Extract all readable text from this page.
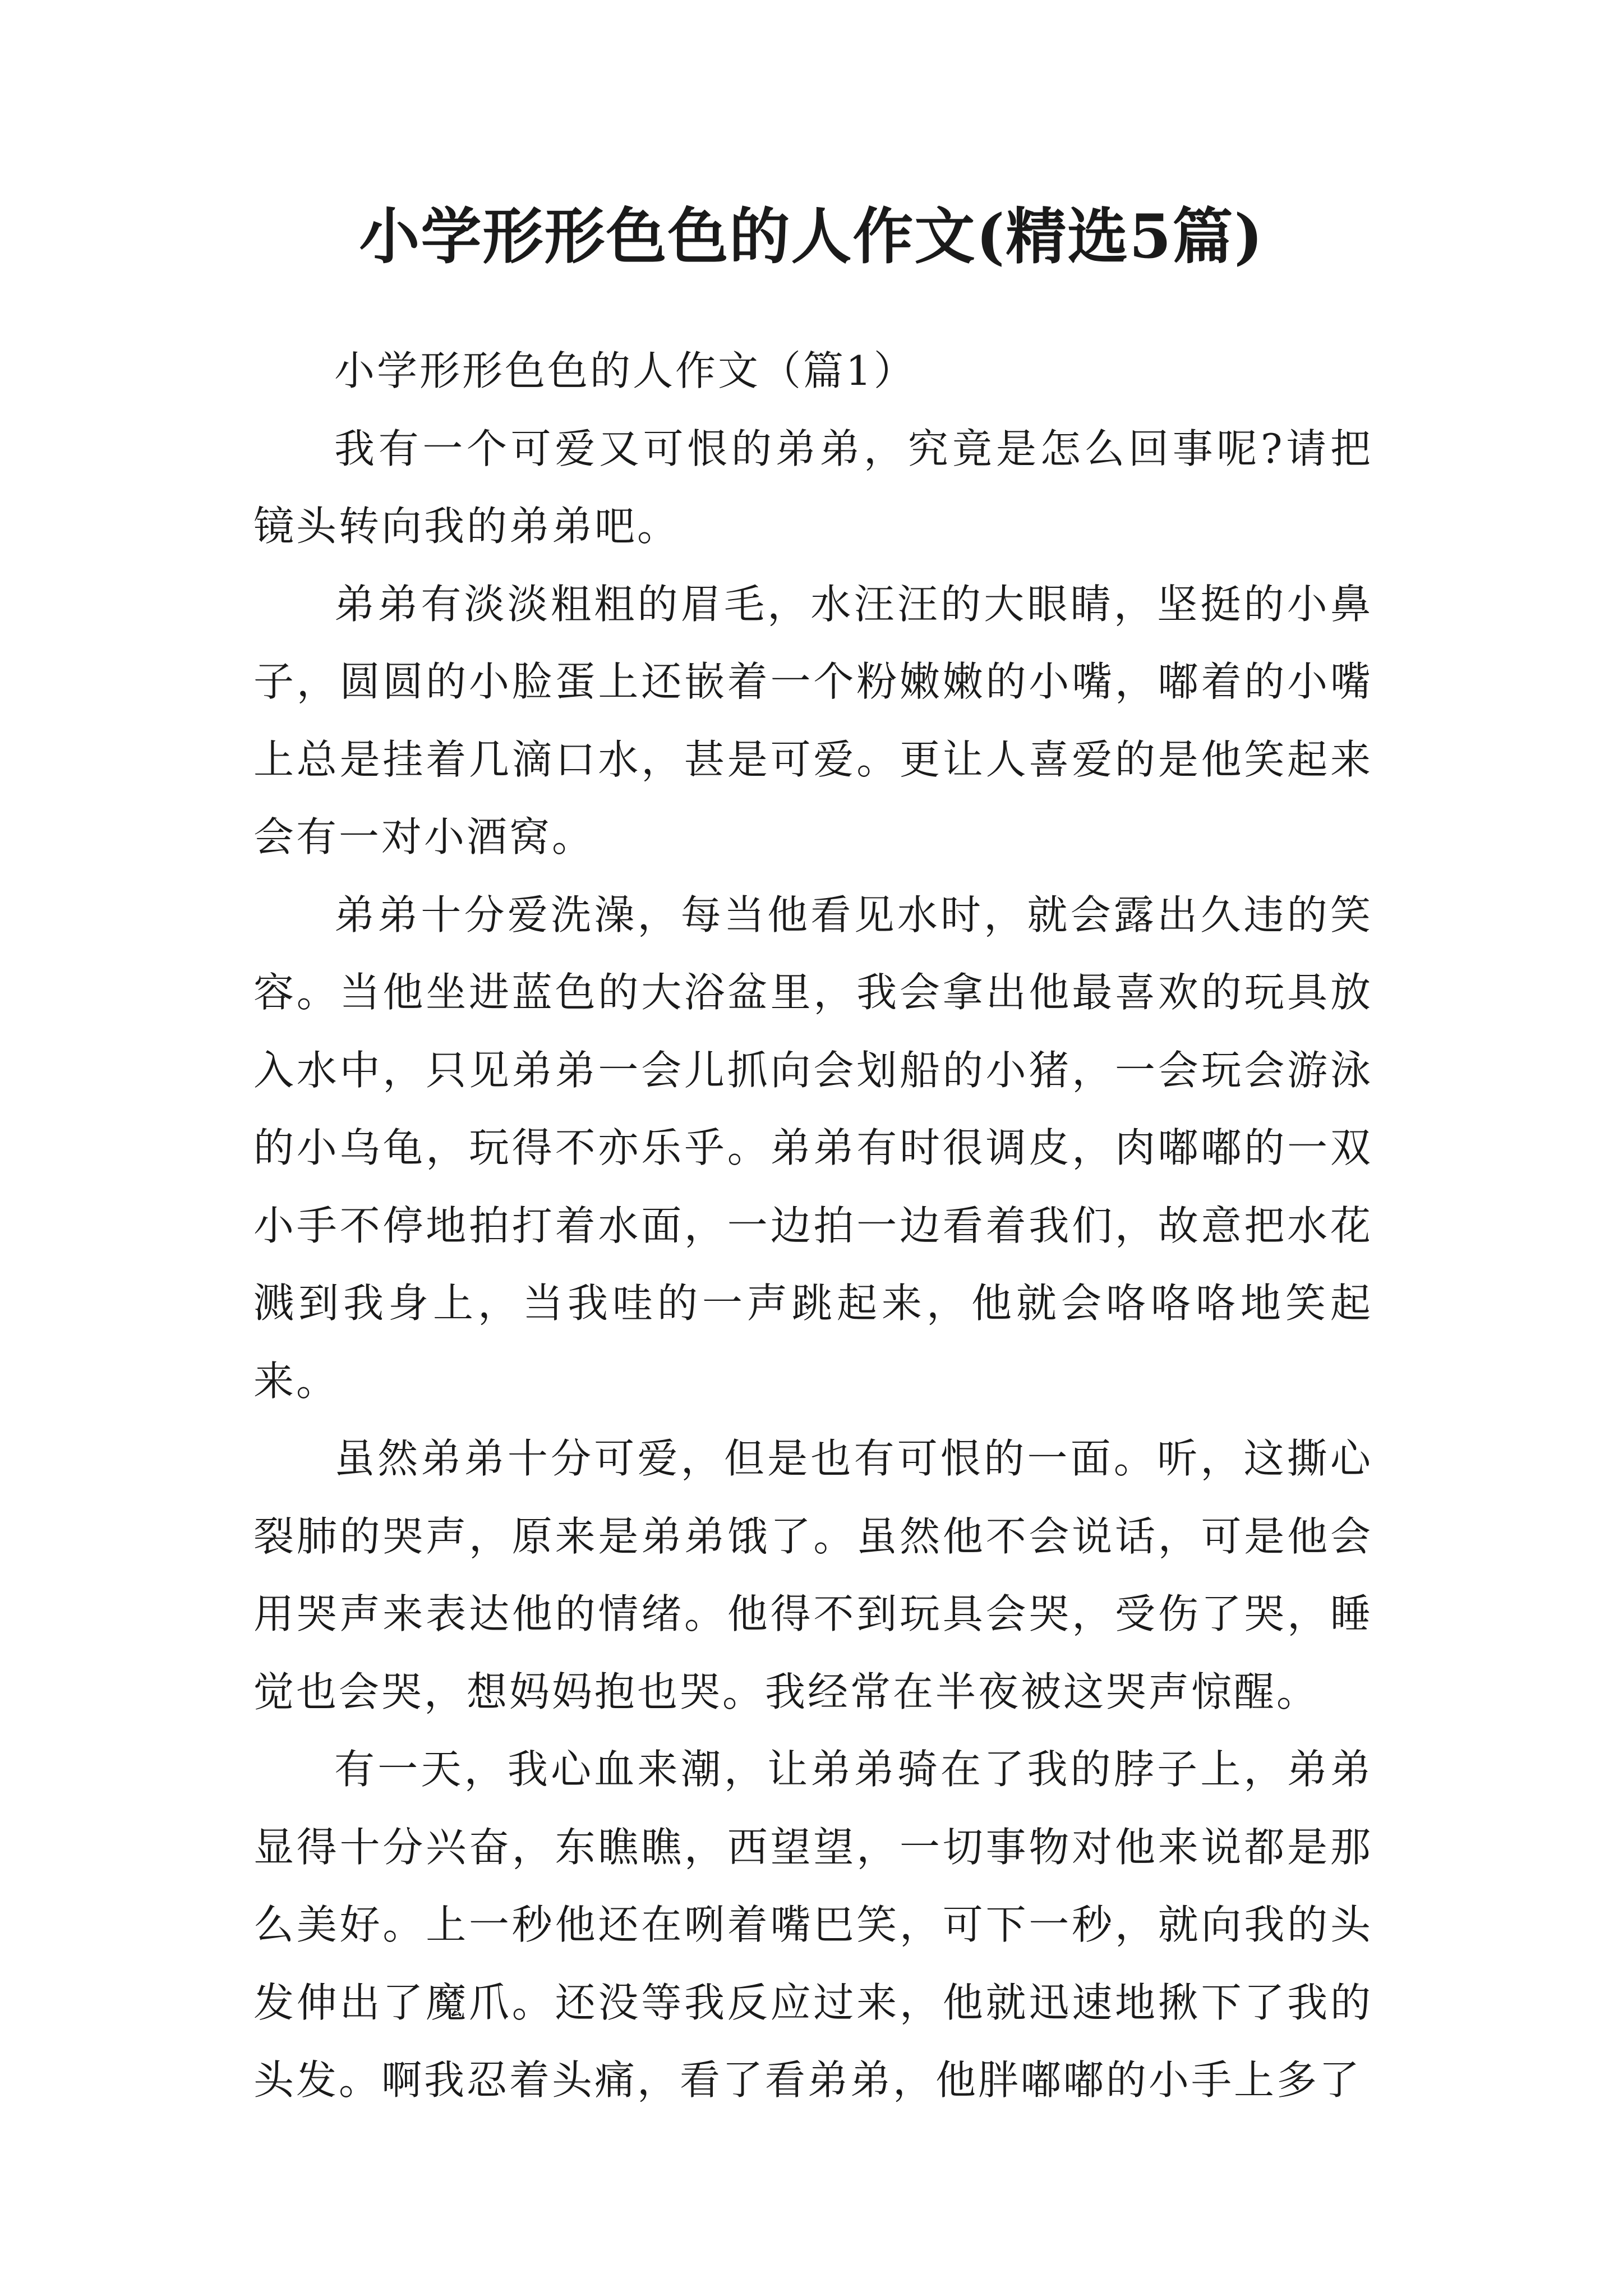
小学形形色色的人作文(精选5篇)

小学形形色色的人作文（篇1）

我有一个可爱又可恨的弟弟，究竟是怎么回事呢?请把镜头转向我的弟弟吧。

弟弟有淡淡粗粗的眉毛，水汪汪的大眼睛，坚挺的小鼻子，圆圆的小脸蛋上还嵌着一个粉嫩嫩的小嘴，嘟着的小嘴上总是挂着几滴口水，甚是可爱。更让人喜爱的是他笑起来会有一对小酒窝。

弟弟十分爱洗澡，每当他看见水时，就会露出久违的笑容。当他坐进蓝色的大浴盆里，我会拿出他最喜欢的玩具放入水中，只见弟弟一会儿抓向会划船的小猪，一会玩会游泳的小乌龟，玩得不亦乐乎。弟弟有时很调皮，肉嘟嘟的一双小手不停地拍打着水面，一边拍一边看着我们，故意把水花溅到我身上，当我哇的一声跳起来，他就会咯咯咯地笑起来。

虽然弟弟十分可爱，但是也有可恨的一面。听，这撕心裂肺的哭声，原来是弟弟饿了。虽然他不会说话，可是他会用哭声来表达他的情绪。他得不到玩具会哭，受伤了哭，睡觉也会哭，想妈妈抱也哭。我经常在半夜被这哭声惊醒。

有一天，我心血来潮，让弟弟骑在了我的脖子上，弟弟显得十分兴奋，东瞧瞧，西望望，一切事物对他来说都是那么美好。上一秒他还在咧着嘴巴笑，可下一秒，就向我的头发伸出了魔爪。还没等我反应过来，他就迅速地揪下了我的头发。啊我忍着头痛，看了看弟弟，他胖嘟嘟的小手上多了
